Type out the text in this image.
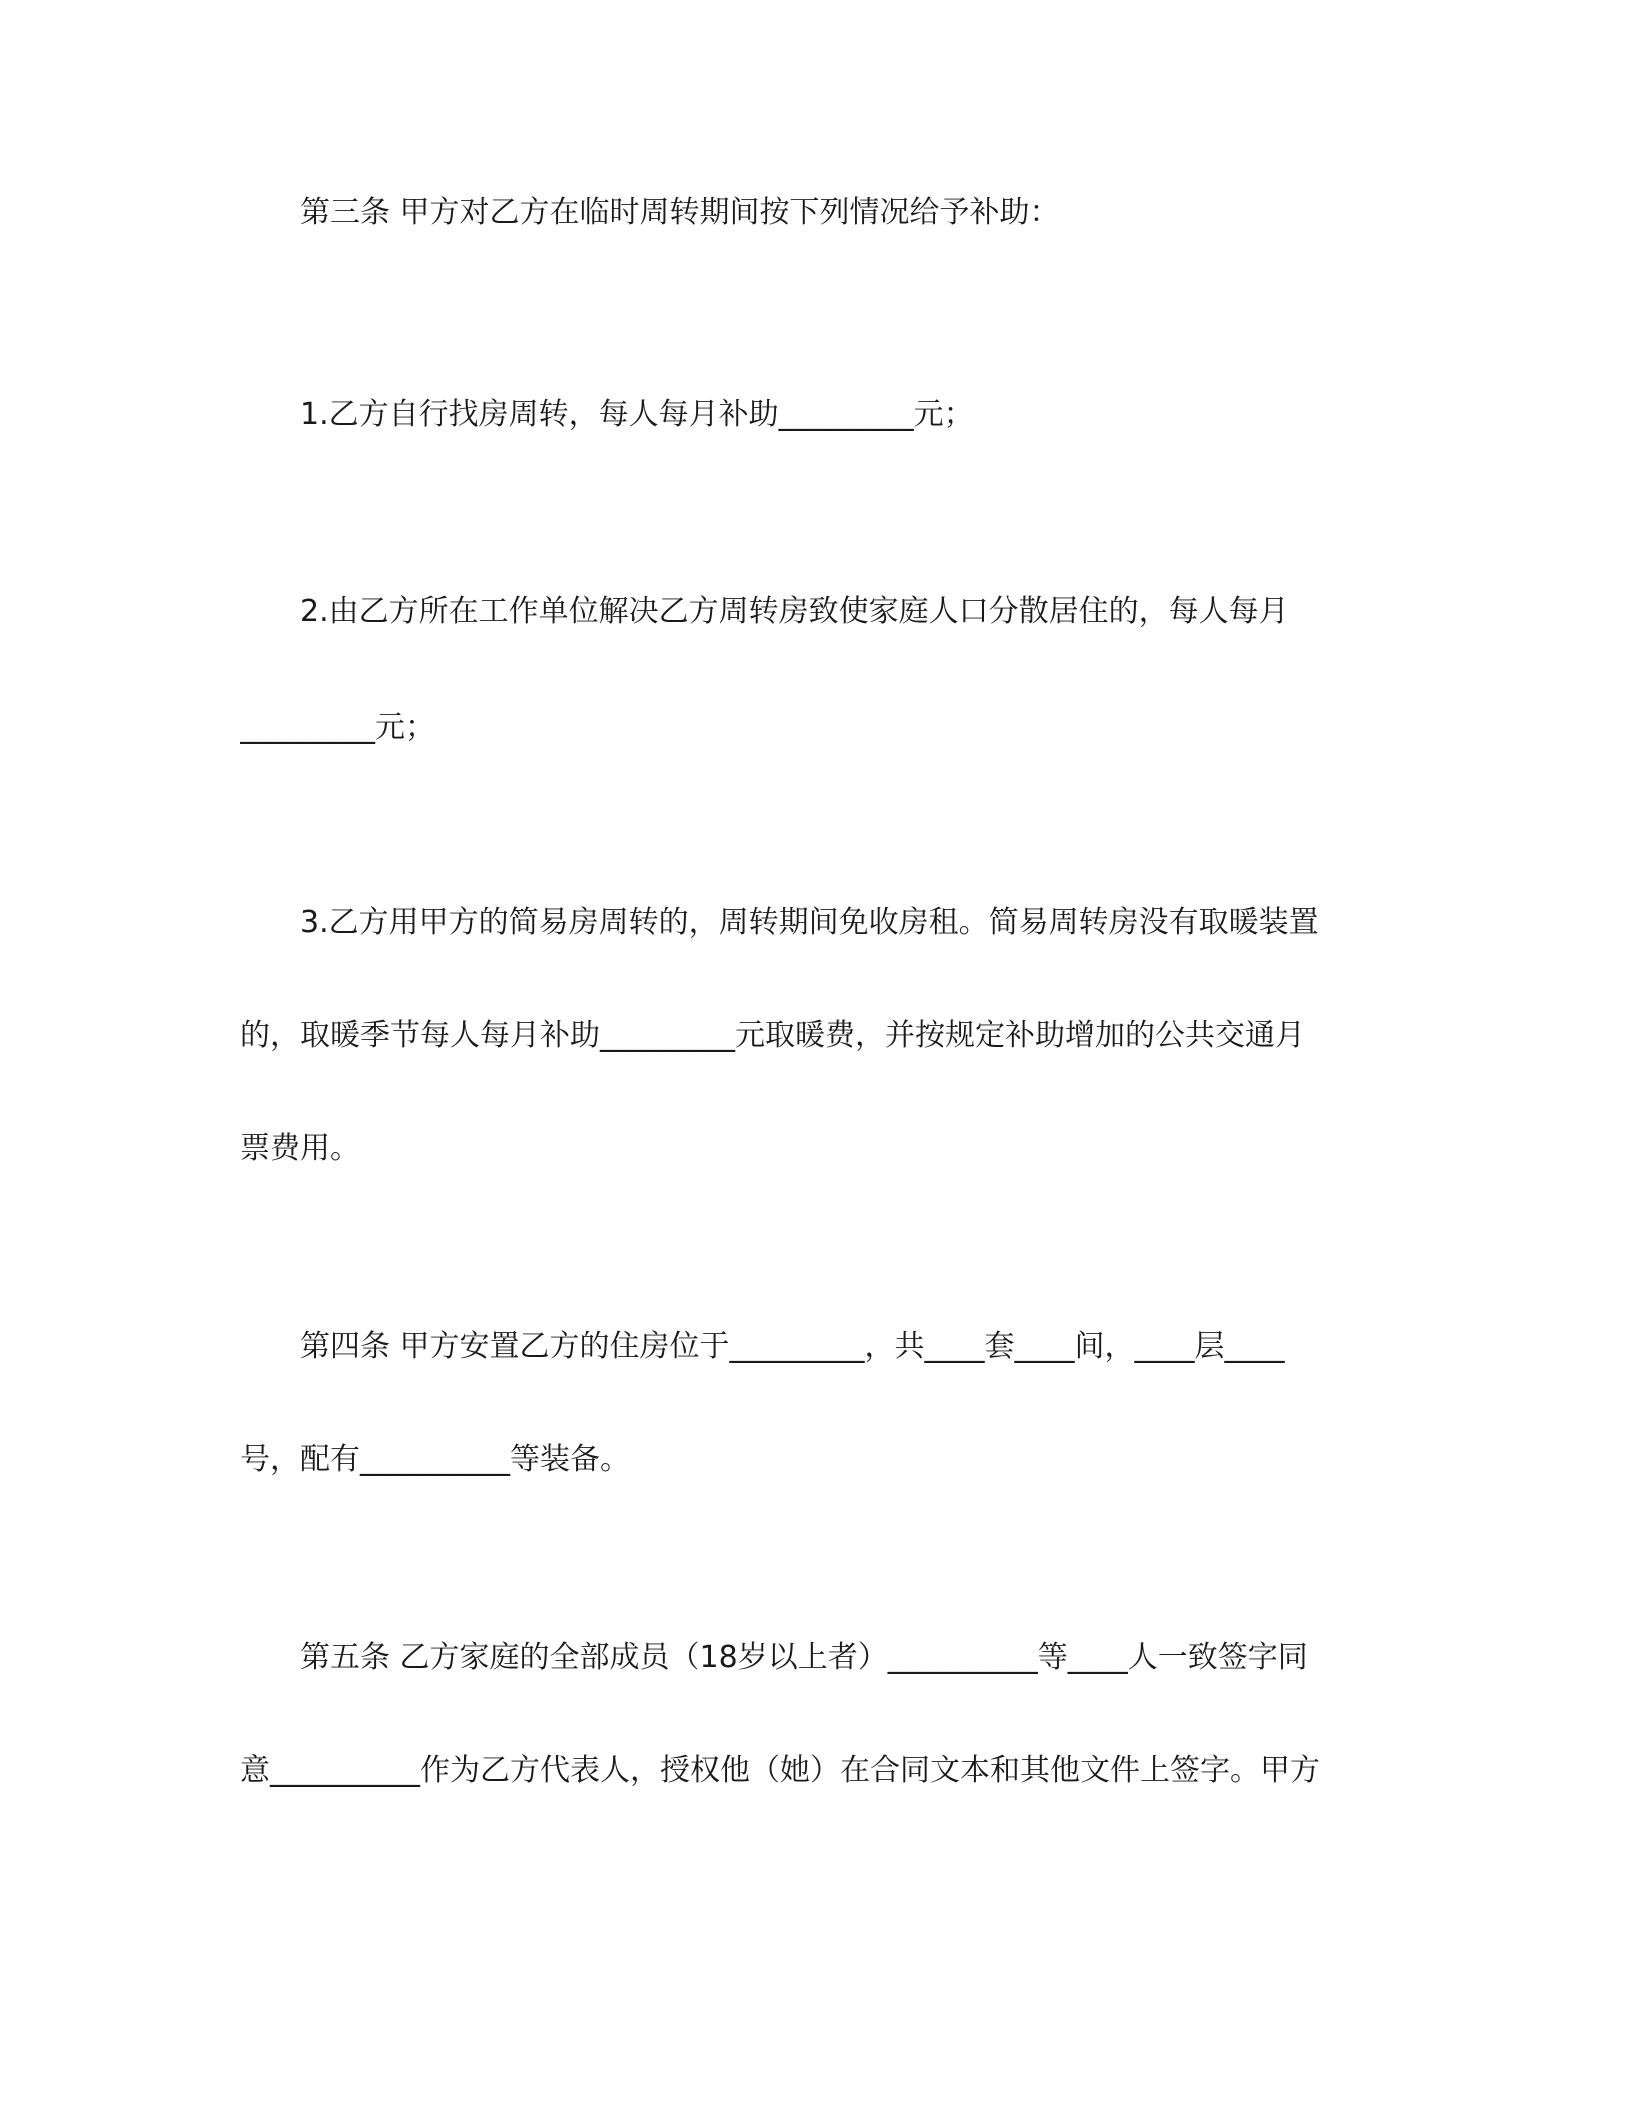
第三条 甲方对乙方在临时周转期间按下列情况给予补助：
1.乙方自行找房周转，每人每月补助_________元；
2.由乙方所在工作单位解决乙方周转房致使家庭人口分散居住的，每人每月
_________元；
3.乙方用甲方的简易房周转的，周转期间免收房租。简易周转房没有取暖装置
的，取暖季节每人每月补助_________元取暖费，并按规定补助增加的公共交通月
票费用。
第四条 甲方安置乙方的住房位于_________，共____套____间，____层____
号，配有__________等装备。
第五条 乙方家庭的全部成员（18岁以上者）__________等____人一致签字同
意__________作为乙方代表人，授权他（她）在合同文本和其他文件上签字。甲方
